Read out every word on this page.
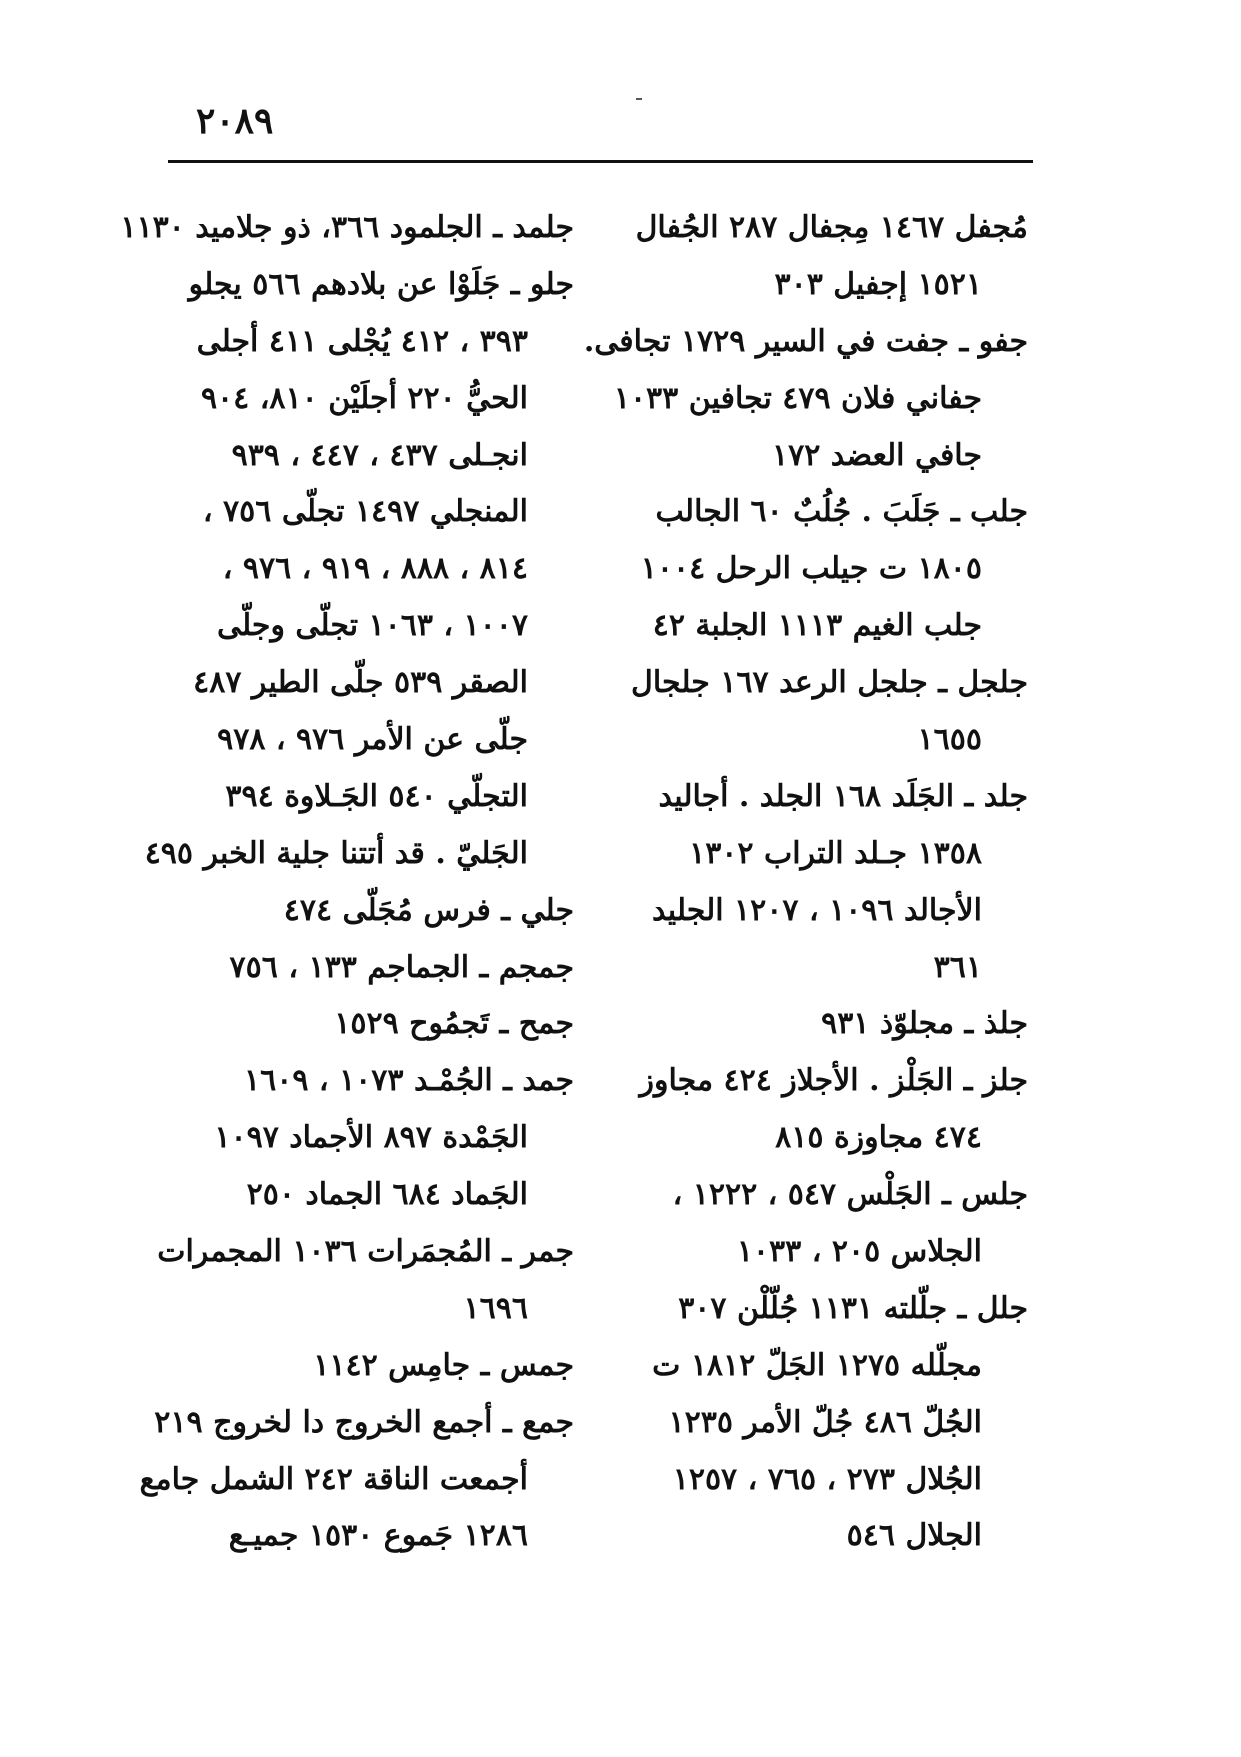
٢٠٨٩
مُجفل ١٤٦٧ مِجفال ٢٨٧ الجُفال
١٥٢١ إجفيل ٣٠٣
جفو ـ جفت في السير ١٧٢٩ تجافى.
جفاني فلان ٤٧٩ تجافين ١٠٣٣
جافي العضد ١٧٢
جلب ـ جَلَبَ . جُلُبٌ ٦٠ الجالب
١٨٠٥ ت جيلب الرحل ١٠٠٤
جلب الغيم ١١١٣ الجلبة ٤٢
جلجل ـ جلجل الرعد ١٦٧ جلجال
١٦٥٥
جلد ـ الجَلَد ١٦٨ الجلد . أجاليد
١٣٥٨ جـلد التراب ١٣٠٢
الأجالد ١٠٩٦ ، ١٢٠٧ الجليد
٣٦١
جلذ ـ مجلوّذ ٩٣١
جلز ـ الجَلْز . الأجلاز ٤٢٤ مجاوز
٤٧٤ مجاوزة ٨١٥
جلس ـ الجَلْس ٥٤٧ ، ١٢٢٢ ،
الجلاس ٢٠٥ ، ١٠٣٣
جلل ـ جلّلته ١١٣١ جُلّلْن ٣٠٧
مجلّله ١٢٧٥ الجَلّ ١٨١٢ ت
الجُلّ ٤٨٦ جُلّ الأمر ١٢٣٥
الجُلال ٢٧٣ ، ٧٦٥ ، ١٢٥٧
الجلال ٥٤٦
جلمد ـ الجلمود ٣٦٦، ذو جلاميد ١١٣٠
جلو ـ جَلَوْا عن بلادهم ٥٦٦ يجلو
٣٩٣ ، ٤١٢ يُجْلى ٤١١ أجلى
الحيُّ ٢٢٠ أجلَيْن ٨١٠، ٩٠٤
انجـلى ٤٣٧ ، ٤٤٧ ، ٩٣٩
المنجلي ١٤٩٧ تجلّى ٧٥٦ ،
٨١٤ ، ٨٨٨ ، ٩١٩ ، ٩٧٦ ،
١٠٠٧ ، ١٠٦٣ تجلّى وجلّى
الصقر ٥٣٩ جلّى الطير ٤٨٧
جلّى عن الأمر ٩٧٦ ، ٩٧٨
التجلّي ٥٤٠ الجَـلاوة ٣٩٤
الجَليّ . قد أتتنا جلية الخبر ٤٩٥
جلي ـ فرس مُجَلّى ٤٧٤
جمجم ـ الجماجم ١٣٣ ، ٧٥٦
جمح ـ تَجمُوح ١٥٢٩
جمد ـ الجُمْـد ١٠٧٣ ، ١٦٠٩
الجَمْدة ٨٩٧ الأجماد ١٠٩٧
الجَماد ٦٨٤ الجماد ٢٥٠
جمر ـ المُجمَرات ١٠٣٦ المجمرات
١٦٩٦
جمس ـ جامِس ١١٤٢
جمع ـ أجمع الخروج دا لخروج ٢١٩
أجمعت الناقة ٢٤٢ الشمل جامع
١٢٨٦ جَموع ١٥٣٠ جميـع
